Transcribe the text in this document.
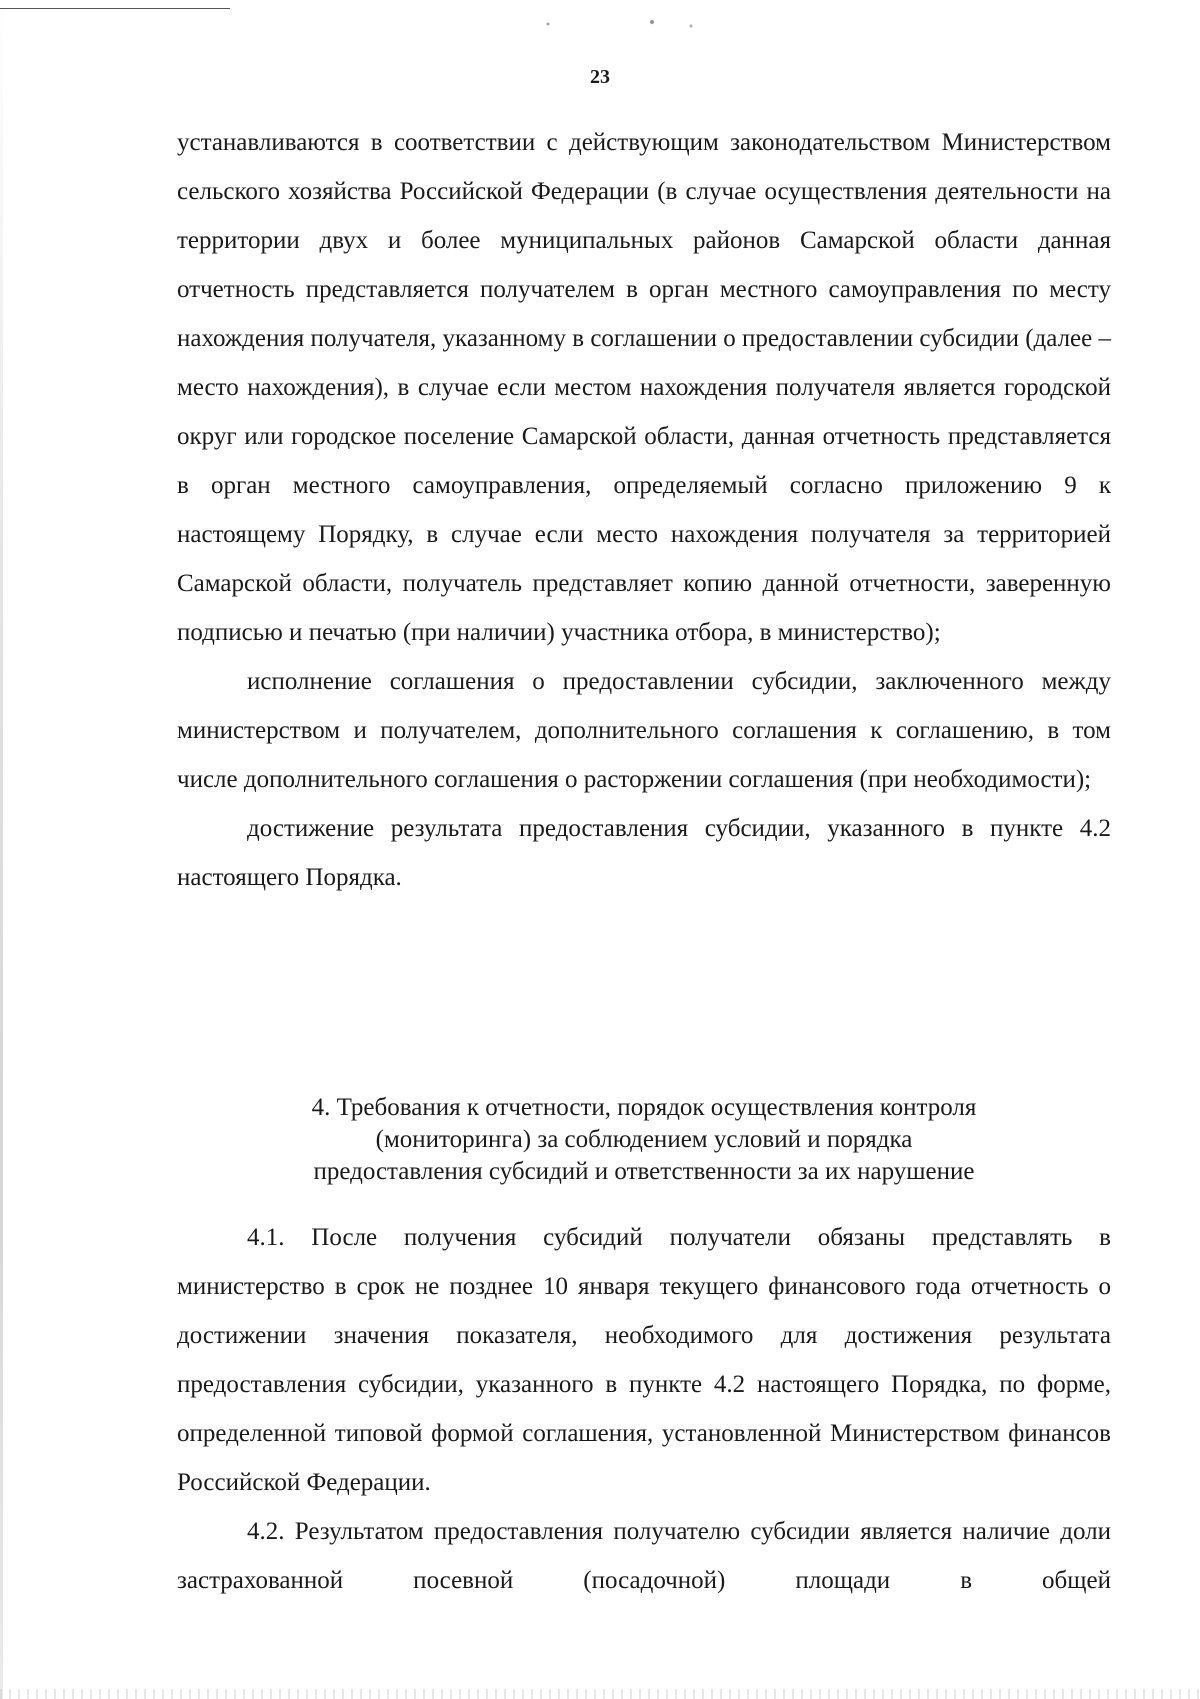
23

устанавливаются в соответствии с действующим законодательством Министерством сельского хозяйства Российской Федерации (в случае осуществления деятельности на территории двух и более муниципальных районов Самарской области данная отчетность представляется получателем в орган местного самоуправления по месту нахождения получателя, указанному в соглашении о предоставлении субсидии (далее – место нахождения), в случае если местом нахождения получателя является городской округ или городское поселение Самарской области, данная отчетность представляется в орган местного самоуправления, определяемый согласно приложению 9 к настоящему Порядку, в случае если место нахождения получателя за территорией Самарской области, получатель представляет копию данной отчетности, заверенную подписью и печатью (при наличии) участника отбора, в министерство);

исполнение соглашения о предоставлении субсидии, заключенного между министерством и получателем, дополнительного соглашения к соглашению, в том числе дополнительного соглашения о расторжении соглашения (при необходимости);

достижение результата предоставления субсидии, указанного в пункте 4.2 настоящего Порядка.

4. Требования к отчетности, порядок осуществления контроля
(мониторинга) за соблюдением условий и порядка
предоставления субсидий и ответственности за их нарушение

4.1. После получения субсидий получатели обязаны представлять в министерство в срок не позднее 10 января текущего финансового года отчетность о достижении значения показателя, необходимого для достижения результата предоставления субсидии, указанного в пункте 4.2 настоящего Порядка, по форме, определенной типовой формой соглашения, установленной Министерством финансов Российской Федерации.

4.2. Результатом предоставления получателю субсидии является наличие доли застрахованной посевной (посадочной) площади в общей
